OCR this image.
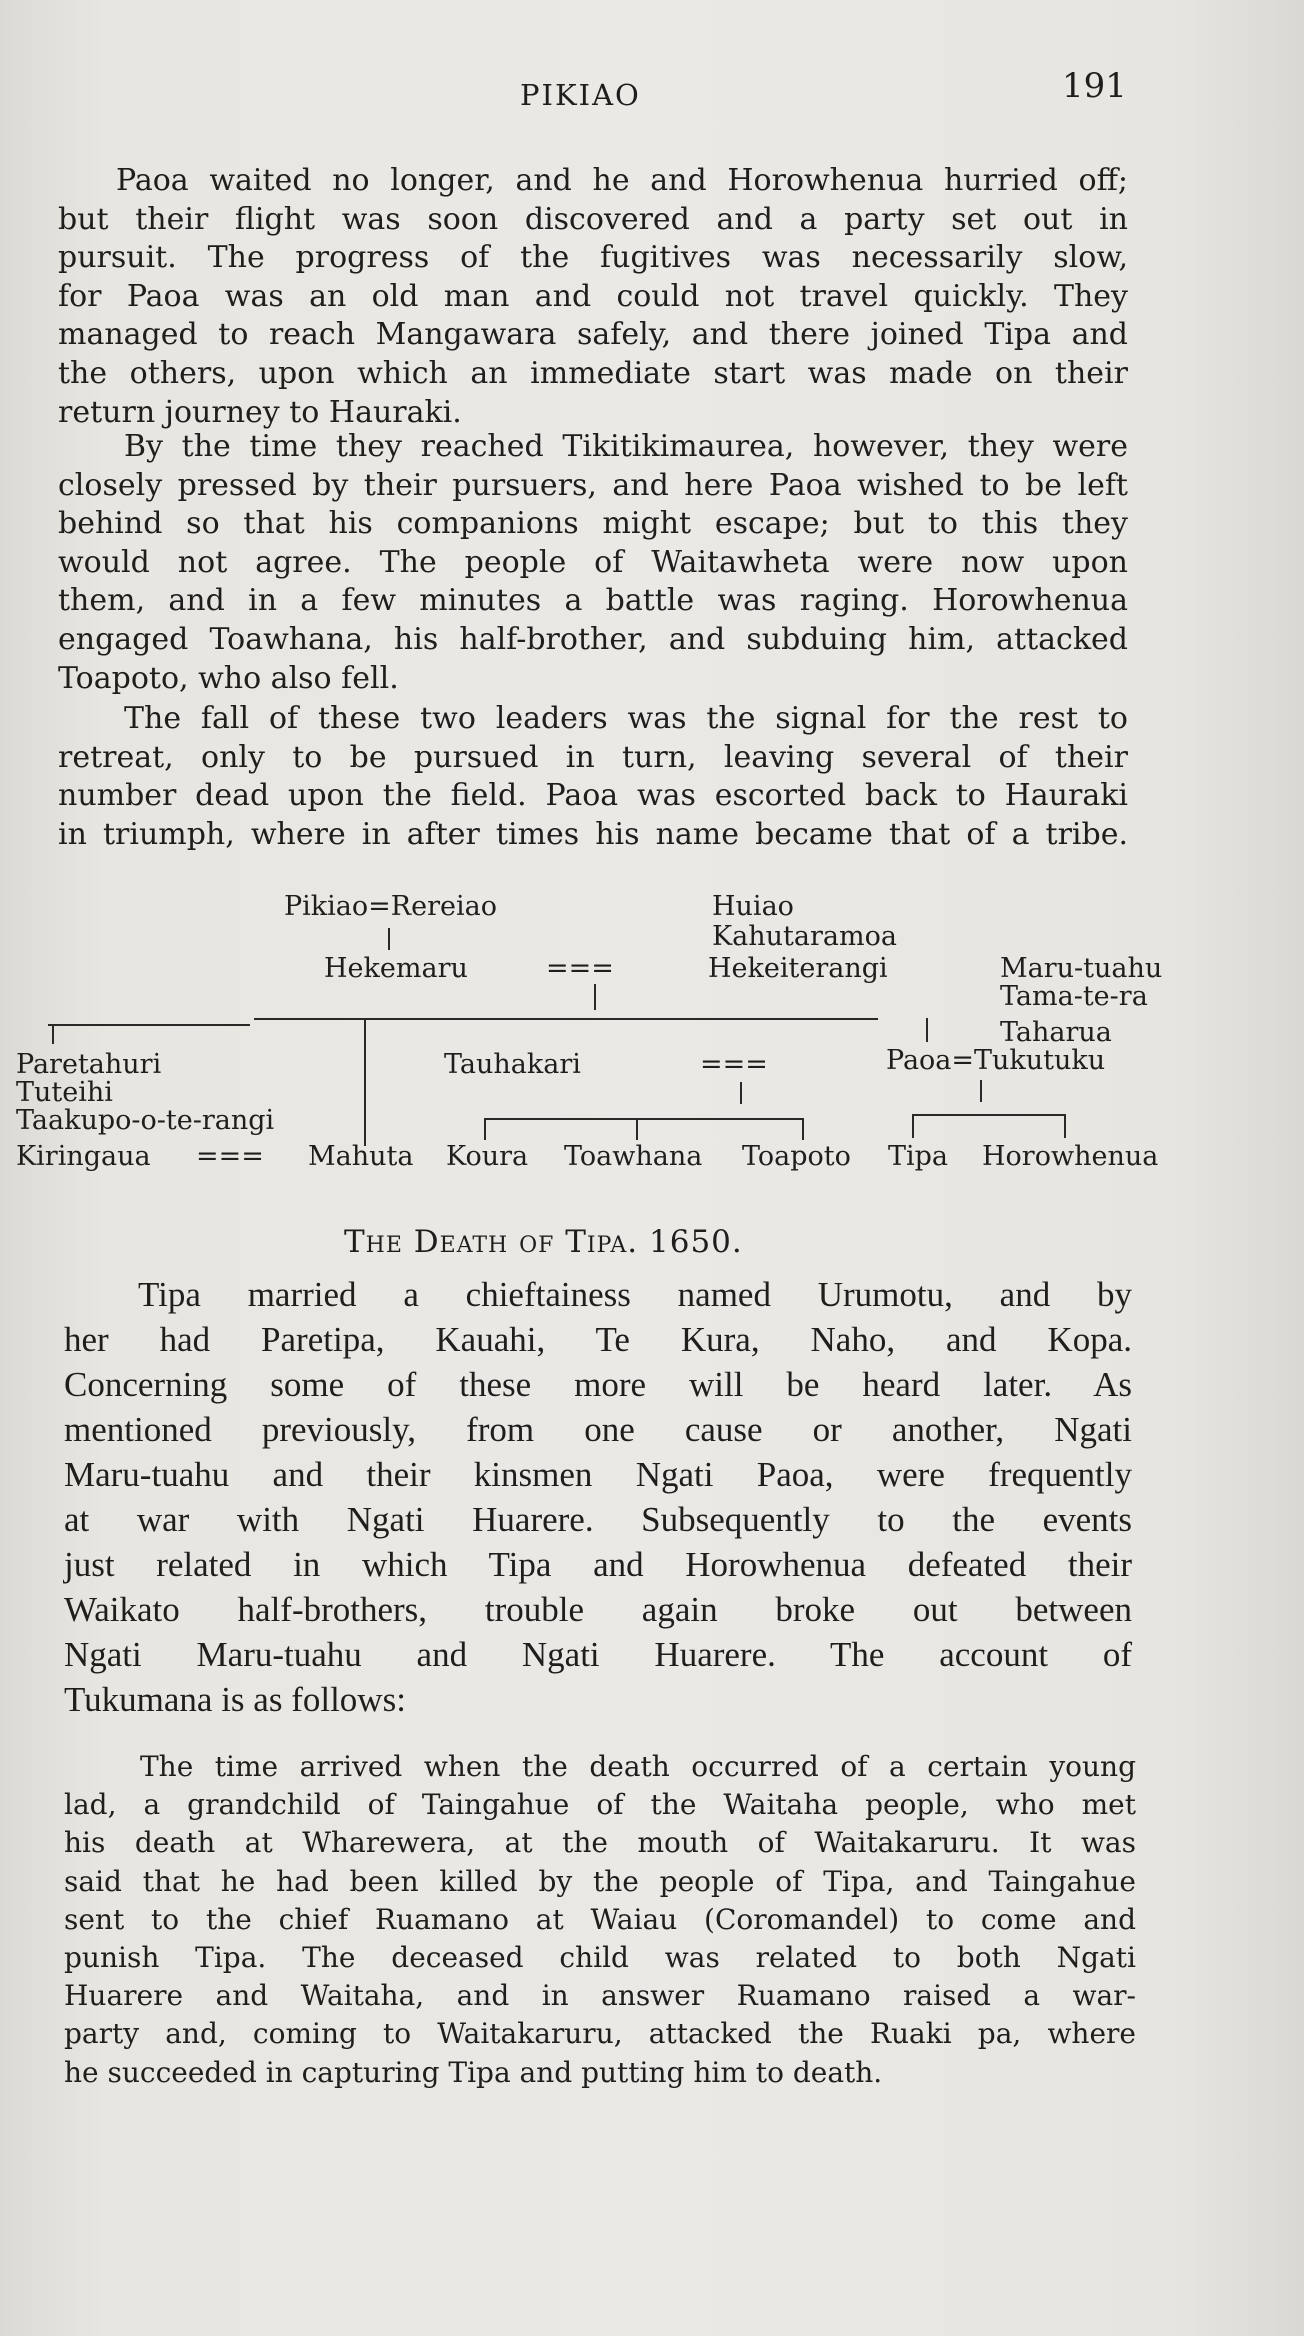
PIKIAO	191
Paoa waited no longer, and he and Horowhenua hurried off;
but their flight was soon discovered and a party set out in
pursuit. The progress of the fugitives was necessarily slow,
for Paoa was an old man and could not travel quickly. They
managed to reach Mangawara safely, and there joined Tipa and
the others, upon which an immediate start was made on their
return journey to Hauraki.
By the time they reached Tikitikimaurea, however, they were
closely pressed by their pursuers, and here Paoa wished to be left
behind so that his companions might escape; but to this they
would not agree. The people of Waitawheta were now upon
them, and in a few minutes a battle was raging. Horowhenua
engaged Toawhana, his half-brother, and subduing him, attacked
Toapoto, who also fell.
The fall of these two leaders was the signal for the rest to
retreat, only to be pursued in turn, leaving several of their
number dead upon the field. Paoa was escorted back to Hauraki
in triumph, where in after times his name became that of a tribe.
Pikiao=Rereiao	Huiao
Kahutaramoa
Hekemaru	===	Hekeiterangi	Maru-tuahu
Tama-te-ra
Taharua
Paretahuri	Tauhakari	===	Paoa=Tukutuku
Tuteihi
Taakupo-o-te-rangi
Kiringaua === Mahuta Koura Toawhana Toapoto Tipa Horowhenua
The Death of Tipa. 1650.
Tipa married a chieftainess named Urumotu, and by
her had Paretipa, Kauahi, Te Kura, Naho, and Kopa.
Concerning some of these more will be heard later. As
mentioned previously, from one cause or another, Ngati
Maru-tuahu and their kinsmen Ngati Paoa, were frequently
at war with Ngati Huarere. Subsequently to the events
just related in which Tipa and Horowhenua defeated their
Waikato half-brothers, trouble again broke out between
Ngati Maru-tuahu and Ngati Huarere. The account of
Tukumana is as follows:
The time arrived when the death occurred of a certain young
lad, a grandchild of Taingahue of the Waitaha people, who met
his death at Wharewera, at the mouth of Waitakaruru. It was
said that he had been killed by the people of Tipa, and Taingahue
sent to the chief Ruamano at Waiau (Coromandel) to come and
punish Tipa. The deceased child was related to both Ngati
Huarere and Waitaha, and in answer Ruamano raised a war-
party and, coming to Waitakaruru, attacked the Ruaki pa, where
he succeeded in capturing Tipa and putting him to death.
